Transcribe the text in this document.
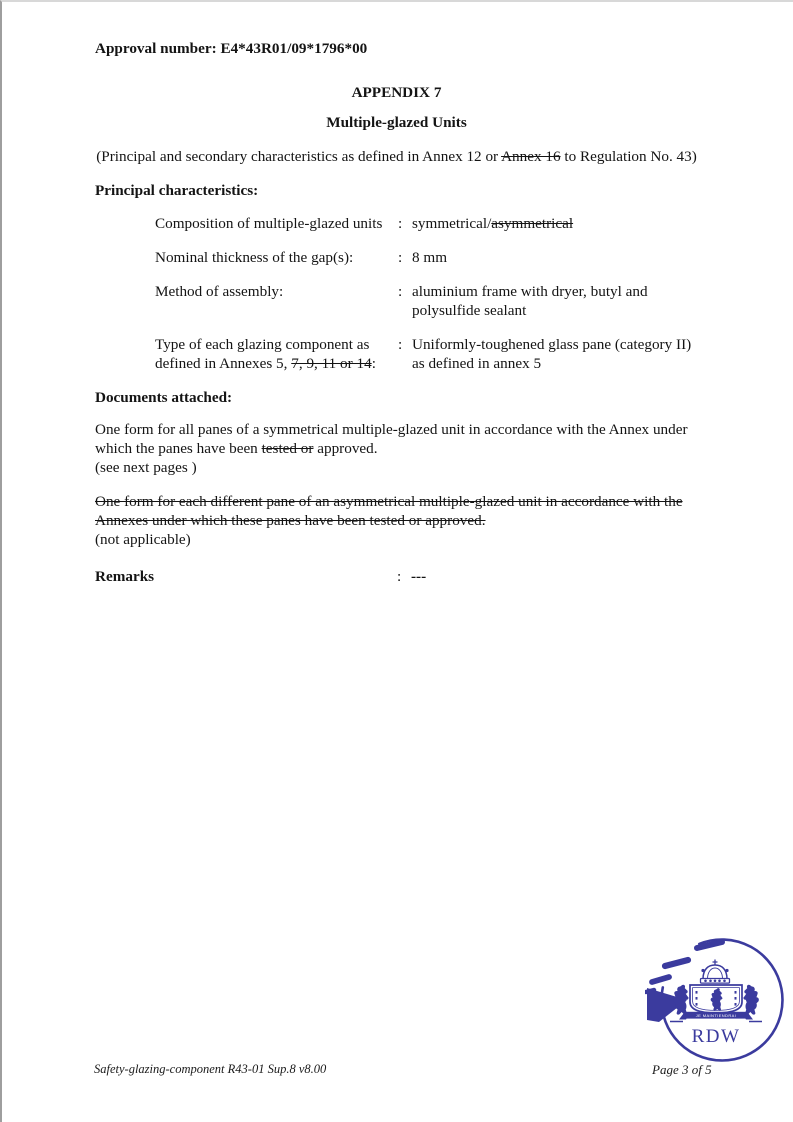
Approval number: E4*43R01/09*1796*00

APPENDIX 7

Multiple-glazed Units

(Principal and secondary characteristics as defined in Annex 12 or Annex 16 to Regulation No. 43)

Principal characteristics:

Composition of multiple-glazed units	: symmetrical/asymmetrical
Nominal thickness of the gap(s):	: 8 mm
Method of assembly:	: aluminium frame with dryer, butyl and polysulfide sealant
Type of each glazing component as defined in Annexes 5, 7, 9, 11 or 14:
: Uniformly-toughened glass pane (category II) as defined in annex 5

Documents attached:

One form for all panes of a symmetrical multiple-glazed unit in accordance with the Annex under which the panes have been tested or approved.

(see next pages )

One form for each different pane of an asymmetrical multiple-glazed unit in accordance with the Annexes under which these panes have been tested or approved.

(not applicable)

Remarks	: ---
JE MAINTIENDRAI
RDW
Safety-glazing-component R43-01 Sup.8 v8.00	Page 3 of 5
